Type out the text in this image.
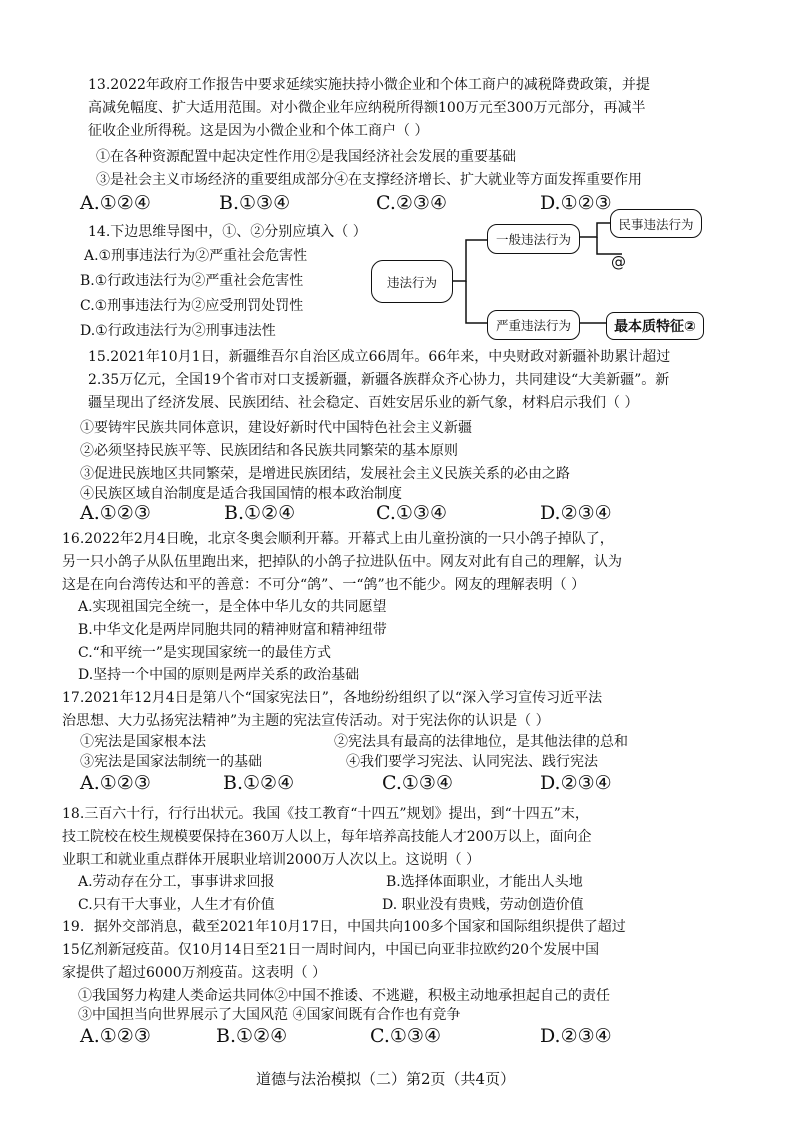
13.2022年政府工作报告中要求延续实施扶持小微企业和个体工商户的减税降费政策，并提
高减免幅度、扩大适用范围。对小微企业年应纳税所得额100万元至300万元部分，再减半
征收企业所得税。这是因为小微企业和个体工商户（ ）
①在各种资源配置中起决定性作用②是我国经济社会发展的重要基础
③是社会主义市场经济的重要组成部分④在支撑经济增长、扩大就业等方面发挥重要作用
A.①②④	B.①③④	C.②③④	D.①②③
14.下边思维导图中，①、②分别应填入（ ）
A.①刑事违法行为②严重社会危害性
B.①行政违法行为②严重社会危害性
C.①刑事违法行为②应受刑罚处罚性
D.①行政违法行为②刑事违法性
违法行为
一般违法行为
民事违法行为
@
严重违法行为	最本质特征②
15.2021年10月1日，新疆维吾尔自治区成立66周年。66年来，中央财政对新疆补助累计超过
2.35万亿元，全国19个省市对口支援新疆，新疆各族群众齐心协力，共同建设“大美新疆”。新
疆呈现出了经济发展、民族团结、社会稳定、百姓安居乐业的新气象，材料启示我们（ ）
①要铸牢民族共同体意识，建设好新时代中国特色社会主义新疆
②必须坚持民族平等、民族团结和各民族共同繁荣的基本原则
③促进民族地区共同繁荣，是增进民族团结，发展社会主义民族关系的必由之路
④民族区域自治制度是适合我国国情的根本政治制度
A.①②③	B.①②④	C.①③④	D.②③④
16.2022年2月4日晚，北京冬奥会顺利开幕。开幕式上由儿童扮演的一只小鸽子掉队了，
另一只小鸽子从队伍里跑出来，把掉队的小鸽子拉进队伍中。网友对此有自己的理解，认为
这是在向台湾传达和平的善意：不可分“鸽”、一“鸽”也不能少。网友的理解表明（ ）
A.实现祖国完全统一，是全体中华儿女的共同愿望
B.中华文化是两岸同胞共同的精神财富和精神纽带
C.“和平统一”是实现国家统一的最佳方式
D.坚持一个中国的原则是两岸关系的政治基础
17.2021年12月4日是第八个“国家宪法日”，各地纷纷组织了以“深入学习宣传习近平法
治思想、大力弘扬宪法精神”为主题的宪法宣传活动。对于宪法你的认识是（ ）
①宪法是国家根本法	②宪法具有最高的法律地位，是其他法律的总和
③宪法是国家法制统一的基础	④我们要学习宪法、认同宪法、践行宪法
A.①②③	B.①②④	C.①③④	D.②③④
18.三百六十行，行行出状元。我国《技工教育“十四五”规划》提出，到“十四五”末，
技工院校在校生规模要保持在360万人以上，每年培养高技能人才200万以上，面向企
业职工和就业重点群体开展职业培训2000万人次以上。这说明（ ）
A.劳动存在分工，事事讲求回报	B.选择体面职业，才能出人头地
C.只有干大事业，人生才有价值	D. 职业没有贵贱，劳动创造价值
19．据外交部消息，截至2021年10月17日，中国共向100多个国家和国际组织提供了超过
15亿剂新冠疫苗。仅10月14日至21日一周时间内，中国已向亚非拉欧约20个发展中国
家提供了超过6000万剂疫苗。这表明（ ）
①我国努力构建人类命运共同体②中国不推诿、不逃避，积极主动地承担起自己的责任
③中国担当向世界展示了大国风范 ④国家间既有合作也有竞争
A.①②③	B.①②④	C.①③④	D.②③④
道德与法治模拟（二）第2页（共4页）
